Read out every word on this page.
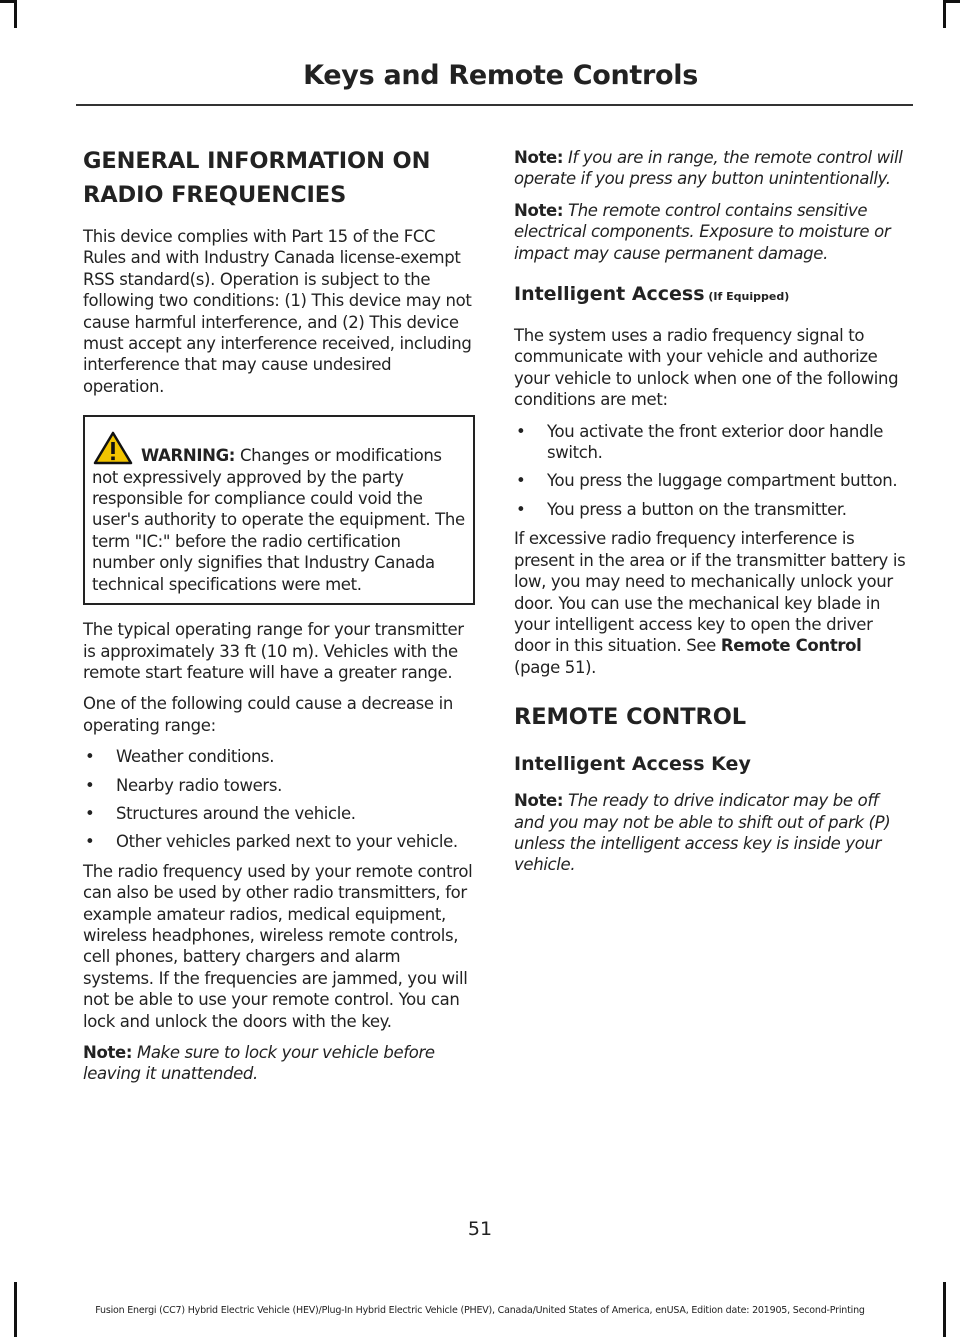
Keys and Remote Controls
GENERAL INFORMATION ON
RADIO FREQUENCIES

This device complies with Part 15 of the FCC Rules and with Industry Canada license-exempt RSS standard(s). Operation is subject to the following two conditions: (1) This device may not cause harmful interference, and (2) This device must accept any interference received, including interference that may cause undesired operation.

WARNING: Changes or modifications not expressively approved by the party responsible for compliance could void the user's authority to operate the equipment. The term "IC:" before the radio certification number only signifies that Industry Canada technical specifications were met.

The typical operating range for your transmitter is approximately 33 ft (10 m). Vehicles with the remote start feature will have a greater range.

One of the following could cause a decrease in operating range:

• Weather conditions.
• Nearby radio towers.
• Structures around the vehicle.
• Other vehicles parked next to your vehicle.

The radio frequency used by your remote control can also be used by other radio transmitters, for example amateur radios, medical equipment, wireless headphones, wireless remote controls, cell phones, battery chargers and alarm systems. If the frequencies are jammed, you will not be able to use your remote control. You can lock and unlock the doors with the key.

Note: Make sure to lock your vehicle before leaving it unattended.

Note: If you are in range, the remote control will operate if you press any button unintentionally.

Note: The remote control contains sensitive electrical components. Exposure to moisture or impact may cause permanent damage.

Intelligent Access (If Equipped)

The system uses a radio frequency signal to communicate with your vehicle and authorize your vehicle to unlock when one of the following conditions are met:

• You activate the front exterior door handle switch.
• You press the luggage compartment button.
• You press a button on the transmitter.

If excessive radio frequency interference is present in the area or if the transmitter battery is low, you may need to mechanically unlock your door. You can use the mechanical key blade in your intelligent access key to open the driver door in this situation. See Remote Control (page 51).

REMOTE CONTROL
Intelligent Access Key

Note: The ready to drive indicator may be off and you may not be able to shift out of park (P) unless the intelligent access key is inside your vehicle.

51
Fusion Energi (CC7) Hybrid Electric Vehicle (HEV)/Plug-In Hybrid Electric Vehicle (PHEV), Canada/United States of America, enUSA, Edition date: 201905, Second-Printing
